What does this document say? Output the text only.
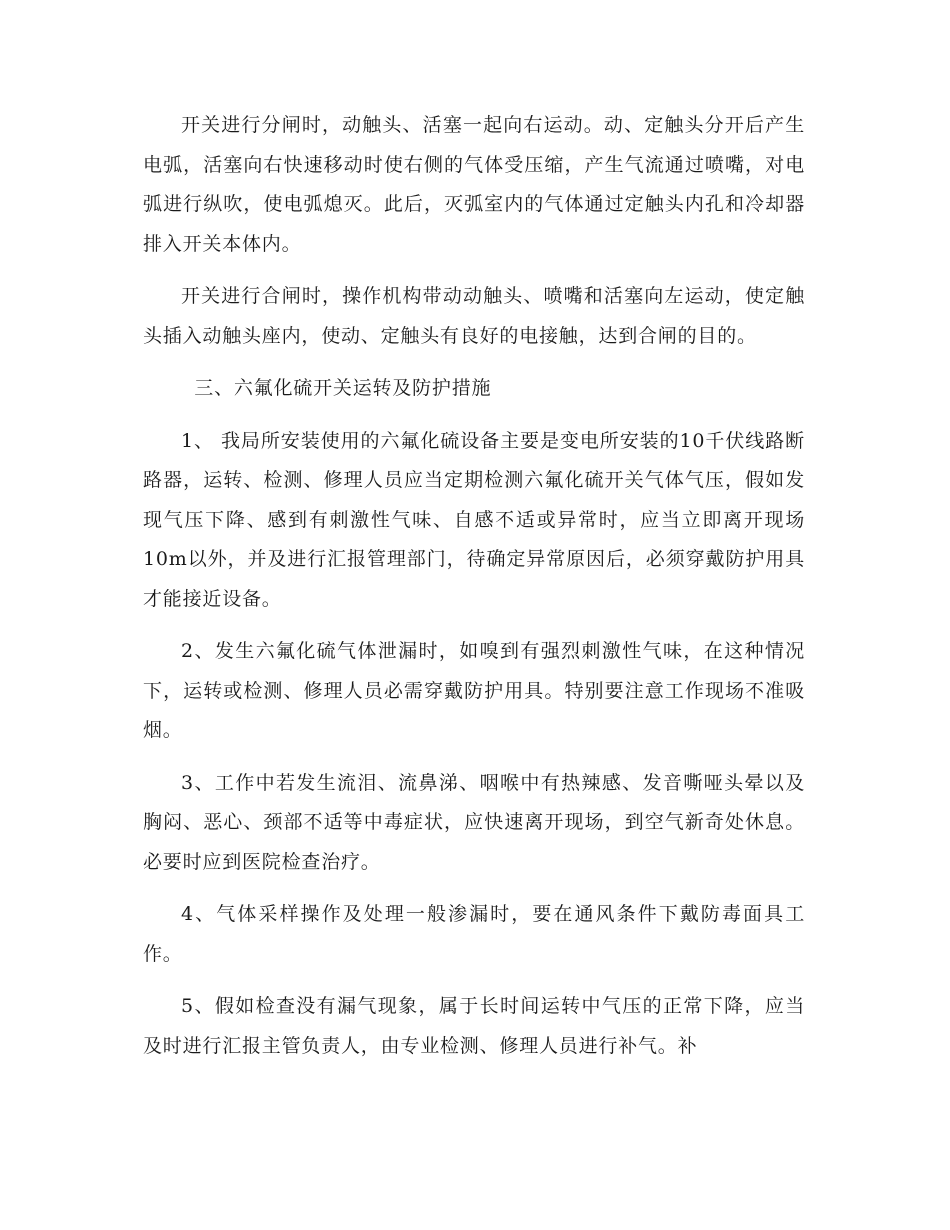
开关进行分闸时，动触头、活塞一起向右运动。动、定触头分开后产生电弧，活塞向右快速移动时使右侧的气体受压缩，产生气流通过喷嘴，对电弧进行纵吹，使电弧熄灭。此后，灭弧室内的气体通过定触头内孔和冷却器排入开关本体内。

开关进行合闸时，操作机构带动动触头、喷嘴和活塞向左运动，使定触头插入动触头座内，使动、定触头有良好的电接触，达到合闸的目的。

三、六氟化硫开关运转及防护措施

1、 我局所安装使用的六氟化硫设备主要是变电所安装的10千伏线路断路器，运转、检测、修理人员应当定期检测六氟化硫开关气体气压，假如发现气压下降、感到有刺激性气味、自感不适或异常时，应当立即离开现场10m以外，并及进行汇报管理部门，待确定异常原因后，必须穿戴防护用具才能接近设备。

2、发生六氟化硫气体泄漏时，如嗅到有强烈刺激性气味，在这种情况下，运转或检测、修理人员必需穿戴防护用具。特别要注意工作现场不准吸烟。

3、工作中若发生流泪、流鼻涕、咽喉中有热辣感、发音嘶哑头晕以及胸闷、恶心、颈部不适等中毒症状，应快速离开现场，到空气新奇处休息。必要时应到医院检查治疗。

4、气体采样操作及处理一般渗漏时，要在通风条件下戴防毒面具工作。

5、假如检查没有漏气现象，属于长时间运转中气压的正常下降，应当及时进行汇报主管负责人，由专业检测、修理人员进行补气。补
